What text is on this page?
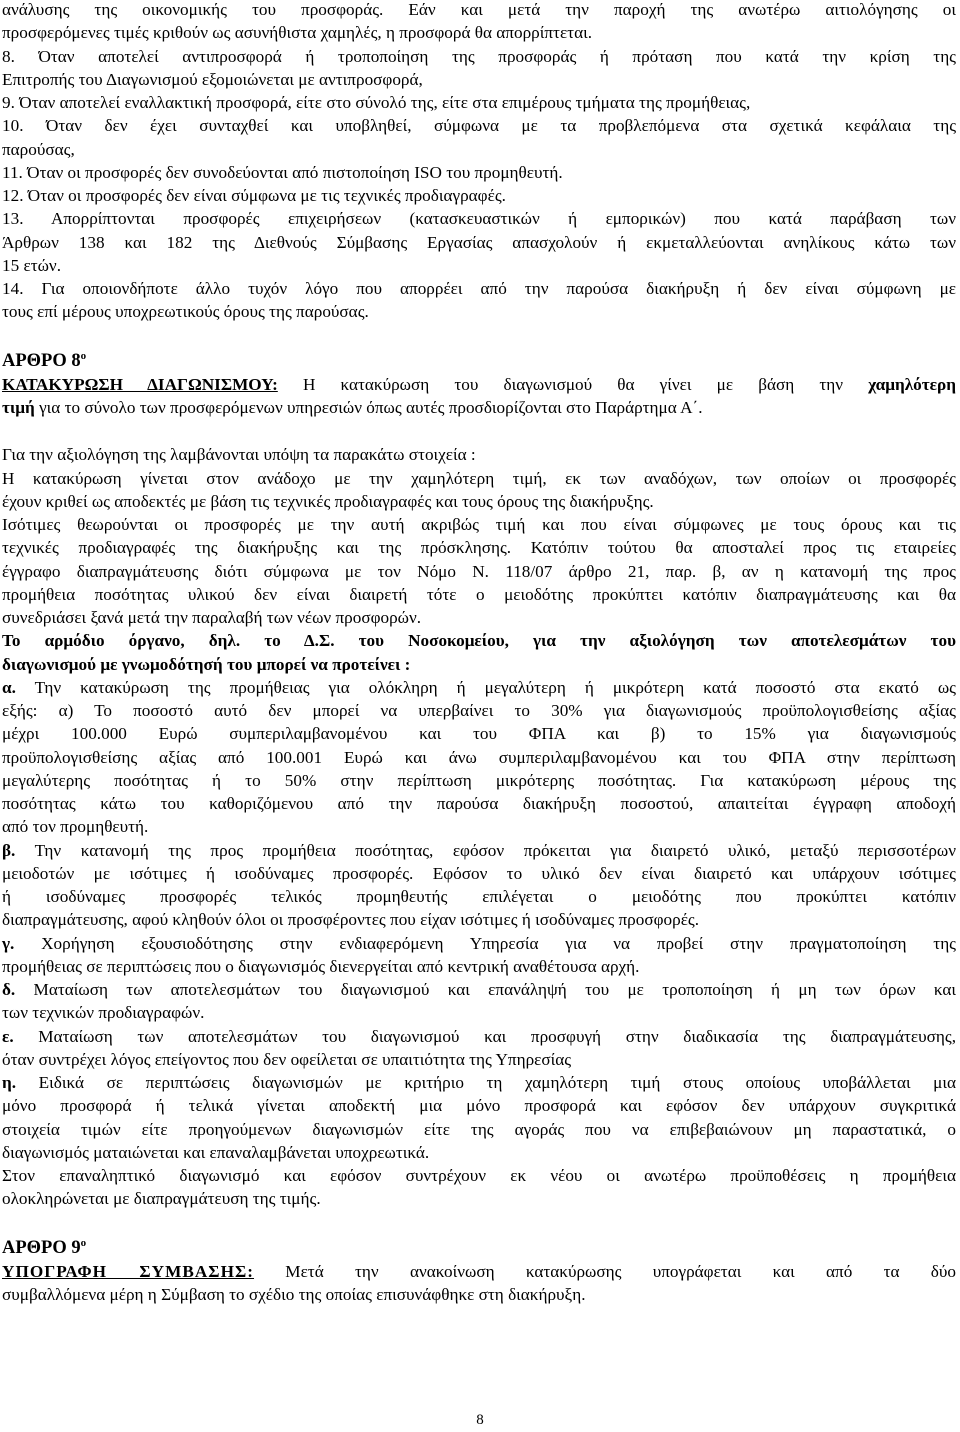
ανάλυσης της οικονομικής του προσφοράς. Εάν και μετά την παροχή της ανωτέρω αιτιολόγησης οι

προσφερόμενες τιμές κριθούν ως ασυνήθιστα χαμηλές, η προσφορά θα απορρίπτεται.

8. Όταν αποτελεί αντιπροσφορά ή τροποποίηση της προσφοράς ή πρόταση που κατά την κρίση της

Επιτροπής του Διαγωνισμού εξομοιώνεται με αντιπροσφορά,

9. Όταν αποτελεί εναλλακτική προσφορά, είτε στο σύνολό της, είτε στα επιμέρους τμήματα της προμήθειας,

10. Όταν δεν έχει συνταχθεί και υποβληθεί, σύμφωνα με τα προβλεπόμενα στα σχετικά κεφάλαια της

παρούσας,

11. Όταν οι προσφορές δεν συνοδεύονται από πιστοποίηση ISO του προμηθευτή.

12. Όταν οι προσφορές δεν είναι σύμφωνα με τις τεχνικές προδιαγραφές.

13. Απορρίπτονται προσφορές επιχειρήσεων (κατασκευαστικών ή εμπορικών) που κατά παράβαση των

Άρθρων 138 και 182 της Διεθνούς Σύμβασης Εργασίας απασχολούν ή εκμεταλλεύονται ανηλίκους κάτω των

15 ετών.

14. Για οποιονδήποτε άλλο τυχόν λόγο που απορρέει από την παρούσα διακήρυξη ή δεν είναι σύμφωνη με

τους επί μέρους υποχρεωτικούς όρους της παρούσας.

ΑΡΘΡΟ $8^o$

ΚΑΤΑΚΥΡΩΣΗ ΔΙΑΓΩΝΙΣΜΟΥ: Η κατακύρωση του διαγωνισμού θα γίνει με βάση την χαμηλότερη

τιμή για το σύνολο των προσφερόμενων υπηρεσιών όπως αυτές προσδιορίζονται στο Παράρτημα Α΄.

Για την αξιολόγηση της λαμβάνονται υπόψη τα παρακάτω στοιχεία :

Η κατακύρωση γίνεται στον ανάδοχο με την χαμηλότερη τιμή, εκ των αναδόχων, των οποίων οι προσφορές

έχουν κριθεί ως αποδεκτές με βάση τις τεχνικές προδιαγραφές και τους όρους της διακήρυξης.

Ισότιμες θεωρούνται οι προσφορές με την αυτή ακριβώς τιμή και που είναι σύμφωνες με τους όρους και τις

τεχνικές προδιαγραφές της διακήρυξης και της πρόσκλησης. Κατόπιν τούτου θα αποσταλεί προς τις εταιρείες

έγγραφο διαπραγμάτευσης διότι σύμφωνα με τον Νόμο Ν. 118/07 άρθρο 21, παρ. β, αν η κατανομή της προς

προμήθεια ποσότητας υλικού δεν είναι διαιρετή τότε ο μειοδότης προκύπτει κατόπιν διαπραγμάτευσης και θα

συνεδριάσει ξανά μετά την παραλαβή των νέων προσφορών.

Το αρμόδιο όργανο, δηλ. το Δ.Σ. του Νοσοκομείου, για την αξιολόγηση των αποτελεσμάτων του

διαγωνισμού με γνωμοδότησή του μπορεί να προτείνει :

α. Την κατακύρωση της προμήθειας για ολόκληρη ή μεγαλύτερη ή μικρότερη κατά ποσοστό στα εκατό ως

εξής: α) Το ποσοστό αυτό δεν μπορεί να υπερβαίνει το 30% για διαγωνισμούς προϋπολογισθείσης αξίας

μέχρι 100.000 Ευρώ συμπεριλαμβανομένου και του ΦΠΑ και β) το 15% για διαγωνισμούς

προϋπολογισθείσης αξίας από 100.001 Ευρώ και άνω συμπεριλαμβανομένου και του ΦΠΑ στην περίπτωση

μεγαλύτερης ποσότητας ή το 50% στην περίπτωση μικρότερης ποσότητας. Για κατακύρωση μέρους της

ποσότητας κάτω του καθοριζόμενου από την παρούσα διακήρυξη ποσοστού, απαιτείται έγγραφη αποδοχή

από τον προμηθευτή.

β. Την κατανομή της προς προμήθεια ποσότητας, εφόσον πρόκειται για διαιρετό υλικό, μεταξύ περισσοτέρων

μειοδοτών με ισότιμες ή ισοδύναμες προσφορές. Εφόσον το υλικό δεν είναι διαιρετό και υπάρχουν ισότιμες

ή ισοδύναμες προσφορές τελικός προμηθευτής επιλέγεται ο μειοδότης που προκύπτει κατόπιν

διαπραγμάτευσης, αφού κληθούν όλοι οι προσφέροντες που είχαν ισότιμες ή ισοδύναμες προσφορές.

γ. Χορήγηση εξουσιοδότησης στην ενδιαφερόμενη Υπηρεσία για να προβεί στην πραγματοποίηση της

προμήθειας σε περιπτώσεις που ο διαγωνισμός διενεργείται από κεντρική αναθέτουσα αρχή.

δ. Ματαίωση των αποτελεσμάτων του διαγωνισμού και επανάληψή του με τροποποίηση ή μη των όρων και

των τεχνικών προδιαγραφών.

ε. Ματαίωση των αποτελεσμάτων του διαγωνισμού και προσφυγή στην διαδικασία της διαπραγμάτευσης,

όταν συντρέχει λόγος επείγοντος που δεν οφείλεται σε υπαιτιότητα της Υπηρεσίας

η. Ειδικά σε περιπτώσεις διαγωνισμών με κριτήριο τη χαμηλότερη τιμή στους οποίους υποβάλλεται μια

μόνο προσφορά ή τελικά γίνεται αποδεκτή μια μόνο προσφορά και εφόσον δεν υπάρχουν συγκριτικά

στοιχεία τιμών είτε προηγούμενων διαγωνισμών είτε της αγοράς που να επιβεβαιώνουν μη παραστατικά, ο

διαγωνισμός ματαιώνεται και επαναλαμβάνεται υποχρεωτικά.

Στον επαναληπτικό διαγωνισμό και εφόσον συντρέχουν εκ νέου οι ανωτέρω προϋποθέσεις η προμήθεια

ολοκληρώνεται με διαπραγμάτευση της τιμής.

ΑΡΘΡΟ $9^o$

ΥΠΟΓΡΑΦΗ ΣΥΜΒΑΣΗΣ: Μετά την ανακοίνωση κατακύρωσης υπογράφεται και από τα δύο

συμβαλλόμενα μέρη η Σύμβαση το σχέδιο της οποίας επισυνάφθηκε στη διακήρυξη.

8
